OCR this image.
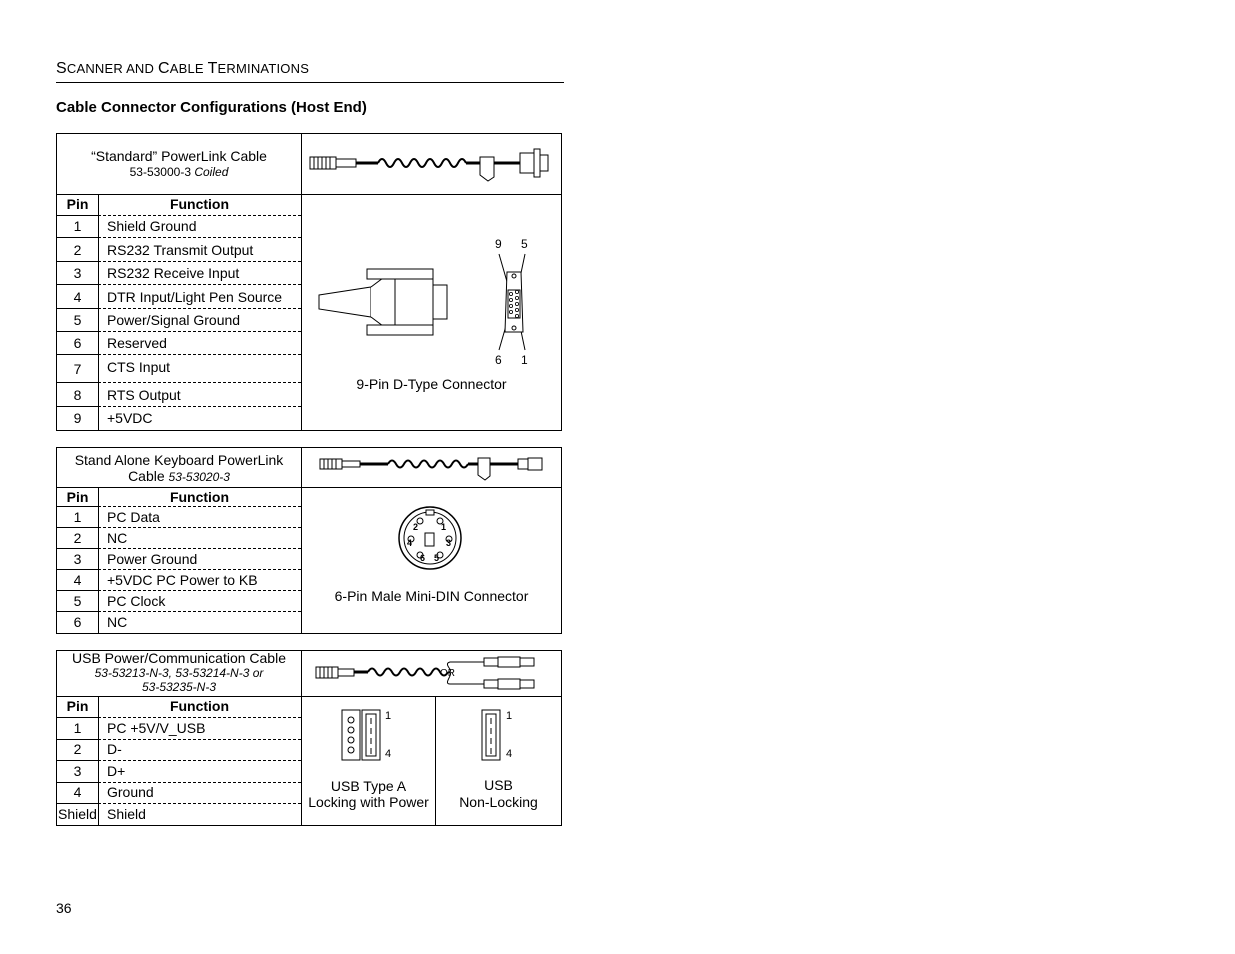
SCANNER AND CABLE TERMINATIONS
Cable Connector Configurations (Host End)
“Standard” PowerLink Cable
53-53000-3 Coiled
Pin	Function
1	Shield Ground
2	RS232 Transmit Output
3	RS232 Receive Input
4	DTR Input/Light Pen Source
5	Power/Signal Ground
6	Reserved
7	CTS Input
8	RTS Output
9	+5VDC
9 5
6 1
9-Pin D-Type Connector
Stand Alone Keyboard PowerLink
Cable 53-53020-3
Pin	Function
1	PC Data
2	NC
3	Power Ground
4	+5VDC PC Power to KB
5	PC Clock
6	NC
2	1
4	3
6 5
6-Pin Male Mini-DIN Connector
USB Power/Communication Cable
53-53213-N-3, 53-53214-N-3 or
53-53235-N-3
OR
Pin	Function
1	PC +5V/V_USB
2	D-
3	D+
4	Ground
Shield Shield
1
4
USB Type A
Locking with Power
1
4
USB
Non-Locking
36
